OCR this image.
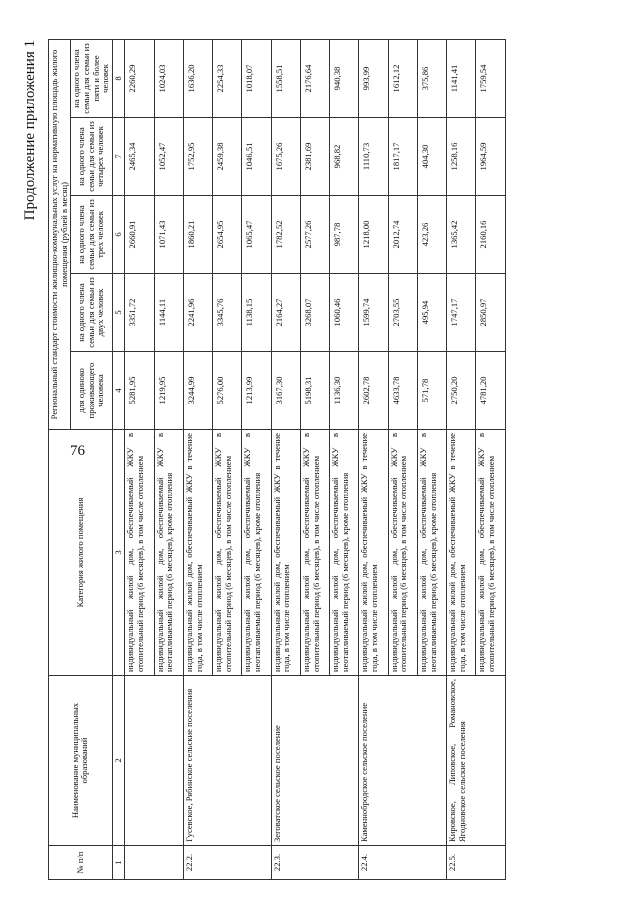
76
Продолжение приложения 1
№ п/п	Наименование муниципальных образований	Категория жилого помещения	Региональный стандарт стоимости жилищно-коммунальных услуг на нормативную площадь жилого помещения (рублей в месяц)				
			для одиноко проживающего человека	на одного члена семьи для семьи из двух человек	на одного члена семьи для семьи из трех человек	на одного члена семьи для семьи из четырех человек	на одного члена семьи для семьи из пяти и более человек
1	2	3	4	5	6	7	8
		индивидуальный жилой дом, обеспечиваемый ЖКУ в отопительный период (6 месяцев), в том числе отоплением	5281,95	3351,72	2660,91	2465,34	2260,29
		индивидуальный жилой дом, обеспечиваемый ЖКУ в неотапливаемый период (6 месяцев), кроме отопления	1219,95	1144,11	1071,43	1052,47	1024,03
22.2.	Гусевское, Рябинское сельские поселения	индивидуальный жилой дом, обеспечиваемый ЖКУ в течение года, в том числе отоплением	3244,99	2241,96	1860,21	1752,95	1636,20
		индивидуальный жилой дом, обеспечиваемый ЖКУ в отопительный период (6 месяцев), в том числе отоплением	5276,00	3345,76	2654,95	2459,38	2254,33
		индивидуальный жилой дом, обеспечиваемый ЖКУ в неотапливаемый период (6 месяцев), кроме отопления	1213,99	1138,15	1065,47	1046,51	1018,07
22.3.	Зеговатское сельское поселение	индивидуальный жилой дом, обеспечиваемый ЖКУ в течение года, в том числе отоплением	3167,30	2164,27	1782,52	1675,26	1558,51
		индивидуальный жилой дом, обеспечиваемый ЖКУ в отопительный период (6 месяцев), в том числе отоплением	5198,31	3268,07	2577,26	2381,69	2176,64
		индивидуальный жилой дом, обеспечиваемый ЖКУ в неотапливаемый период (6 месяцев), кроме отопления	1136,30	1060,46	987,78	968,82	940,38
22.4.	Каменнобродское сельское поселение	индивидуальный жилой дом, обеспечиваемый ЖКУ в течение года, в том числе отоплением	2602,78	1599,74	1218,00	1110,73	993,99
		индивидуальный жилой дом, обеспечиваемый ЖКУ в отопительный период (6 месяцев), в том числе отоплением	4633,78	2703,55	2012,74	1817,17	1612,12
		индивидуальный жилой дом, обеспечиваемый ЖКУ в неотапливаемый период (6 месяцев), кроме отопления	571,78	495,94	423,26	404,30	375,86
22.5.	Кировское, Липовское, Романовское, Ягодновское сельские поселения	индивидуальный жилой дом, обеспечиваемый ЖКУ в течение года, в том числе отоплением	2750,20	1747,17	1365,42	1258,16	1141,41
		индивидуальный жилой дом, обеспечиваемый ЖКУ в отопительный период (6 месяцев), в том числе отоплением	4781,20	2850,97	2160,16	1964,59	1759,54
